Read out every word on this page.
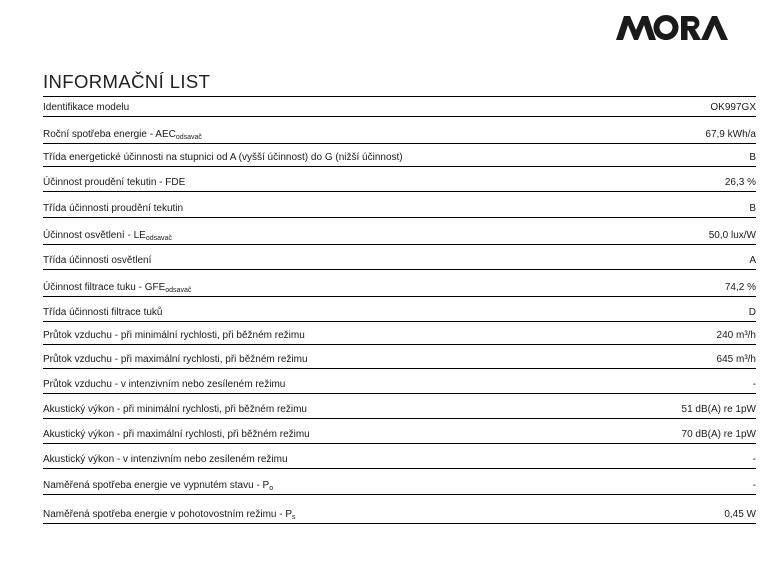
MORA
INFORMAČNÍ LIST
Identifikace modelu	OK997GX
Roční spotřeba energie - $AEC_{odsavač}$	67,9 kWh/a
Třída energetické účinnosti na stupnici od A (vyšší účinnost) do G (nižší účinnost)	B
Účinnost proudění tekutin - FDE	26,3 %
Třída účinnosti proudění tekutin	B
Účinnost osvětlení - $LE_{odsavač}$	50,0 lux/W
Třída účinnosti osvětlení	A
Účinnost filtrace tuku - $GFE_{odsavač}$	74,2 %
Třída účinnosti filtrace tuků	D
Průtok vzduchu - při minimální rychlosti, při běžném režimu	240 m³/h
Průtok vzduchu - při maximální rychlosti, při běžném režimu	645 m³/h
Průtok vzduchu - v intenzivním nebo zesíleném režimu	-
Akustický výkon - při minimální rychlosti, při běžném režimu	51 dB(A) re 1pW
Akustický výkon - při maximální rychlosti, při běžném režimu	70 dB(A) re 1pW
Akustický výkon - v intenzivním nebo zesíleném režimu	-
Naměřená spotřeba energie ve vypnutém stavu - $P_o$	-
Naměřená spotřeba energie v pohotovostním režimu - $P_s$	0,45 W
